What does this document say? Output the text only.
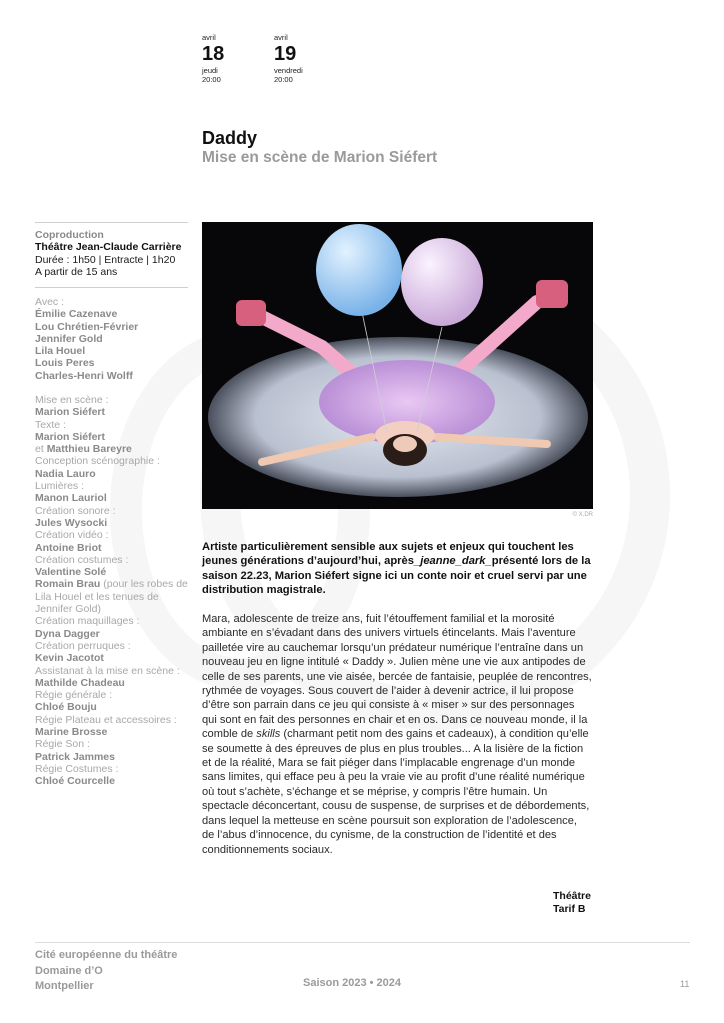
avril
18
jeudi
20:00
avril
19
vendredi
20:00
Daddy
Mise en scène de Marion Siéfert
Coproduction
Théâtre Jean-Claude Carrière
Durée : 1h50 | Entracte | 1h20
A partir de 15 ans
Avec :
Émilie Cazenave
Lou Chrétien-Février
Jennifer Gold
Lila Houel
Louis Peres
Charles-Henri Wolff
Mise en scène :
Marion Siéfert
Texte :
Marion Siéfert
et Matthieu Bareyre
Conception scénographie :
Nadia Lauro
Lumières :
Manon Lauriol
Création sonore :
Jules Wysocki
Création vidéo :
Antoine Briot
Création costumes :
Valentine Solé
Romain Brau (pour les robes de Lila Houel et les tenues de Jennifer Gold)
Création maquillages :
Dyna Dagger
Création perruques :
Kevin Jacotot
Assistanat à la mise en scène :
Mathilde Chadeau
Régie générale :
Chloé Bouju
Régie Plateau et accessoires :
Marine Brosse
Régie Son :
Patrick Jammes
Régie Costumes :
Chloé Courcelle
© X.DR
Artiste particulièrement sensible aux sujets et enjeux qui touchent les jeunes générations d’aujourd’hui, après_jeanne_dark_présenté lors de la saison 22.23, Marion Siéfert signe ici un conte noir et cruel servi par une distribution magistrale.
Mara, adolescente de treize ans, fuit l’étouffement familial et la morosité ambiante en s’évadant dans des univers virtuels étincelants. Mais l’aventure pailletée vire au cauchemar lorsqu’un prédateur numérique l’entraîne dans un nouveau jeu en ligne intitulé « Daddy ». Julien mène une vie aux antipodes de celle de ses parents, une vie aisée, bercée de fantaisie, peuplée de rencontres, rythmée de voyages. Sous couvert de l’aider à devenir actrice, il lui propose d’être son parrain dans ce jeu qui consiste à « miser » sur des personnages qui sont en fait des personnes en chair et en os. Dans ce nouveau monde, il la comble de skills (charmant petit nom des gains et cadeaux), à condition qu’elle se soumette à des épreuves de plus en plus troubles... A la lisière de la fiction et de la réalité, Mara se fait piéger dans l’implacable engrenage d’un monde sans limites, qui efface peu à peu la vraie vie au profit d’une réalité numérique où tout s’achète, s’échange et se méprise, y compris l’être humain. Un spectacle déconcertant, cousu de suspense, de surprises et de débordements, dans lequel la metteuse en scène poursuit son exploration de l’adolescence, de l’abus d’innocence, du cynisme, de la construction de l’identité et des conditionnements sociaux.
Théâtre
Tarif B
Cité européenne du théâtre
Domaine d’O
Montpellier	Saison 2023 • 2024	11
